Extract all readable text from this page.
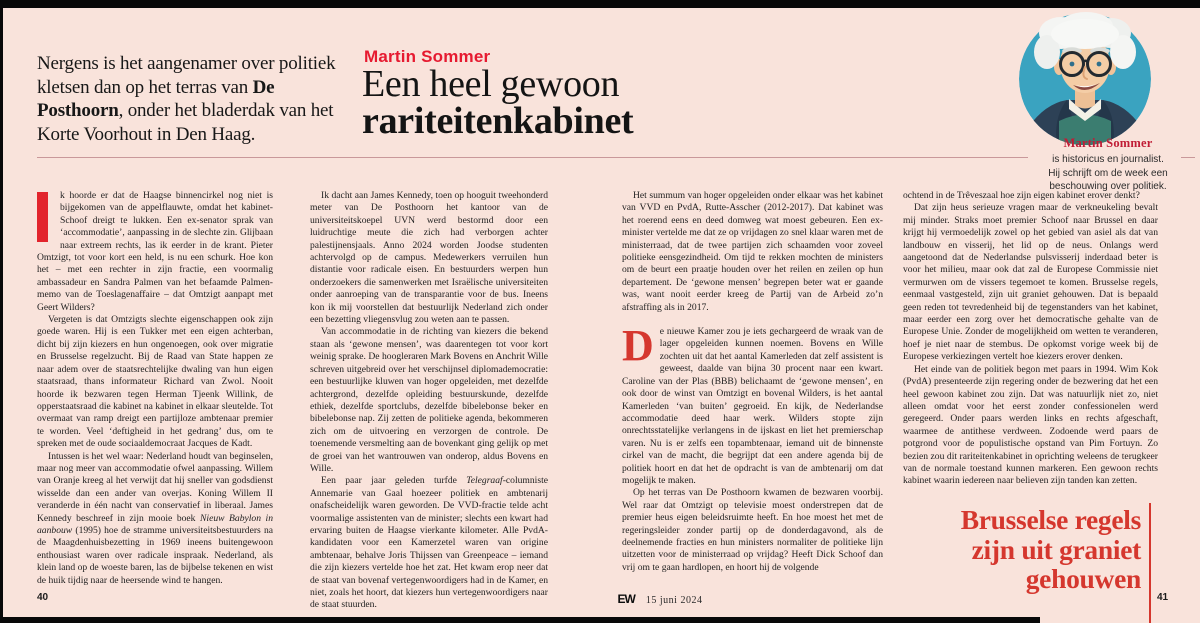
Nergens is het aangenamer over politiek kletsen dan op het terras van De Posthoorn, onder het bladerdak van het Korte Voorhout in Den Haag.
Martin Sommer
Een heel gewoon
rariteitenkabinet
Martin Sommer
is historicus en journalist.
Hij schrijft om de week een
beschouwing over politiek.

k hoorde er dat de Haagse binnencirkel nog niet is bijgekomen van de appelflauwte, omdat het kabinet-Schoof dreigt te lukken. Een ex-senator sprak van ‘accommodatie’, aanpassing in de slechte zin. Glijbaan naar extreem rechts, las ik eerder in de krant. Pieter Omtzigt, tot voor kort een held, is nu een schurk. Hoe kon het – met een rechter in zijn fractie, een voormalig ambassadeur en Sandra Palmen van het befaamde Palmen-memo van de Toeslagenaffaire – dat Omtzigt aanpapt met Geert Wilders?

Vergeten is dat Omtzigts slechte eigenschappen ook zijn goede waren. Hij is een Tukker met een eigen achterban, dicht bij zijn kiezers en hun ongenoegen, ook over migratie en Brusselse regelzucht. Bij de Raad van State happen ze naar adem over de staatsrechtelijke dwaling van hun eigen staatsraad, thans informateur Richard van Zwol. Nooit hoorde ik bezwaren tegen Herman Tjeenk Willink, de opperstaatsraad die kabinet na kabinet in elkaar sleutelde. Tot overmaat van ramp dreigt een partijloze ambtenaar premier te worden. Veel ‘deftigheid in het gedrang’ dus, om te spreken met de oude sociaaldemocraat Jacques de Kadt.

Intussen is het wel waar: Nederland houdt van beginselen, maar nog meer van accommodatie ofwel aanpassing. Willem van Oranje kreeg al het verwijt dat hij sneller van godsdienst wisselde dan een ander van overjas. Koning Willem II veranderde in één nacht van conservatief in liberaal. James Kennedy beschreef in zijn mooie boek Nieuw Babylon in aanbouw (1995) hoe de stramme universiteitsbestuurders na de Maagdenhuisbezetting in 1969 ineens buitengewoon enthousiast waren over radicale inspraak. Nederland, als klein land op de woeste baren, las de bijbelse tekenen en wist de huik tijdig naar de heersende wind te hangen.

Ik dacht aan James Kennedy, toen op hooguit tweehonderd meter van De Posthoorn het kantoor van de universiteitskoepel UVN werd bestormd door een luidruchtige meute die zich had verborgen achter palestijnensjaals. Anno 2024 worden Joodse studenten achtervolgd op de campus. Medewerkers verruilen hun distantie voor radicale eisen. En bestuurders werpen hun onderzoekers die samenwerken met Israëlische universiteiten onder aanroeping van de transparantie voor de bus. Ineens kon ik mij voorstellen dat bestuurlijk Nederland zich onder een bezetting vliegensvlug zou weten aan te passen.

Van accommodatie in de richting van kiezers die bekend staan als ‘gewone mensen’, was daarentegen tot voor kort weinig sprake. De hoogleraren Mark Bovens en Anchrit Wille schreven uitgebreid over het verschijnsel diplomademocratie: een bestuurlijke kluwen van hoger opgeleiden, met dezelfde achtergrond, dezelfde opleiding bestuurskunde, dezelfde ethiek, dezelfde sportclubs, dezelfde bibelebonse beker en bibelebonse nap. Zij zetten de politieke agenda, bekommeren zich om de uitvoering en verzorgen de controle. De toenemende versmelting aan de bovenkant ging gelijk op met de groei van het wantrouwen van onderop, aldus Bovens en Wille.

Een paar jaar geleden turfde Telegraaf-columniste Annemarie van Gaal hoezeer politiek en ambtenarij onafscheidelijk waren geworden. De VVD-fractie telde acht voormalige assistenten van de minister; slechts een kwart had ervaring buiten de Haagse vierkante kilometer. Alle PvdA-kandidaten voor een Kamerzetel waren van origine ambtenaar, behalve Joris Thijssen van Greenpeace – iemand die zijn kiezers vertelde hoe het zat. Het kwam erop neer dat de staat van bovenaf vertegenwoordigers had in de Kamer, en niet, zoals het hoort, dat kiezers hun vertegenwoordigers naar de staat stuurden.

Het summum van hoger opgeleiden onder elkaar was het kabinet van VVD en PvdA, Rutte-Asscher (2012-2017). Dat kabinet was het roerend eens en deed domweg wat moest gebeuren. Een ex-minister vertelde me dat ze op vrijdagen zo snel klaar waren met de ministerraad, dat de twee partijen zich schaamden voor zoveel politieke eensgezindheid. Om tijd te rekken mochten de ministers om de beurt een praatje houden over het reilen en zeilen op hun departement. De ‘gewone mensen’ begrepen beter wat er gaande was, want nooit eerder kreeg de Partij van de Arbeid zo’n afstraffing als in 2017.

De nieuwe Kamer zou je iets gechargeerd de wraak van de lager opgeleiden kunnen noemen. Bovens en Wille zochten uit dat het aantal Kamerleden dat zelf assistent is geweest, daalde van bijna 30 procent naar een kwart. Caroline van der Plas (BBB) belichaamt de ‘gewone mensen’, en ook door de winst van Omtzigt en bovenal Wilders, is het aantal Kamerleden ‘van buiten’ gegroeid. En kijk, de Nederlandse accommodatie deed haar werk. Wilders stopte zijn onrechtsstatelijke verlangens in de ijskast en liet het premierschap varen. Nu is er zelfs een topambtenaar, iemand uit de binnenste cirkel van de macht, die begrijpt dat een andere agenda bij de politiek hoort en dat het de opdracht is van de ambtenarij om dat mogelijk te maken.

Op het terras van De Posthoorn kwamen de bezwaren voorbij. Wel raar dat Omtzigt op televisie moest onderstrepen dat de premier heus eigen beleidsruimte heeft. En hoe moest het met de regeringsleider zonder partij op de donderdagavond, als de deelnemende fracties en hun ministers normaliter de politieke lijn uitzetten voor de ministerraad op vrijdag? Heeft Dick Schoof dan vrij om te gaan hardlopen, en hoort hij de volgende

ochtend in de Trêveszaal hoe zijn eigen kabinet erover denkt?

Dat zijn heus serieuze vragen maar de verkneukeling bevalt mij minder. Straks moet premier Schoof naar Brussel en daar krijgt hij vermoedelijk zowel op het gebied van asiel als dat van landbouw en visserij, het lid op de neus. Onlangs werd aangetoond dat de Nederlandse pulsvisserij inderdaad beter is voor het milieu, maar ook dat zal de Europese Commissie niet vermurwen om de vissers tegemoet te komen. Brusselse regels, eenmaal vastgesteld, zijn uit graniet gehouwen. Dat is bepaald geen reden tot tevredenheid bij de tegenstanders van het kabinet, maar eerder een zorg over het democratische gehalte van de Europese Unie. Zonder de mogelijkheid om wetten te veranderen, hoef je niet naar de stembus. De opkomst vorige week bij de Europese verkiezingen vertelt hoe kiezers erover denken.

Het einde van de politiek begon met paars in 1994. Wim Kok (PvdA) presenteerde zijn regering onder de bezwering dat het een heel gewoon kabinet zou zijn. Dat was natuurlijk niet zo, niet alleen omdat voor het eerst zonder confessionelen werd geregeerd. Onder paars werden links en rechts afgeschaft, waarmee de antithese verdween. Zodoende werd paars de potgrond voor de populistische opstand van Pim Fortuyn. Zo bezien zou dit rariteitenkabinet in oprichting weleens de terugkeer van de normale toestand kunnen markeren. Een gewoon rechts kabinet waarin iedereen naar believen zijn tanden kan zetten.

Brusselse regels
zijn uit graniet
gehouwen
40	EW 15 juni 2024	41
